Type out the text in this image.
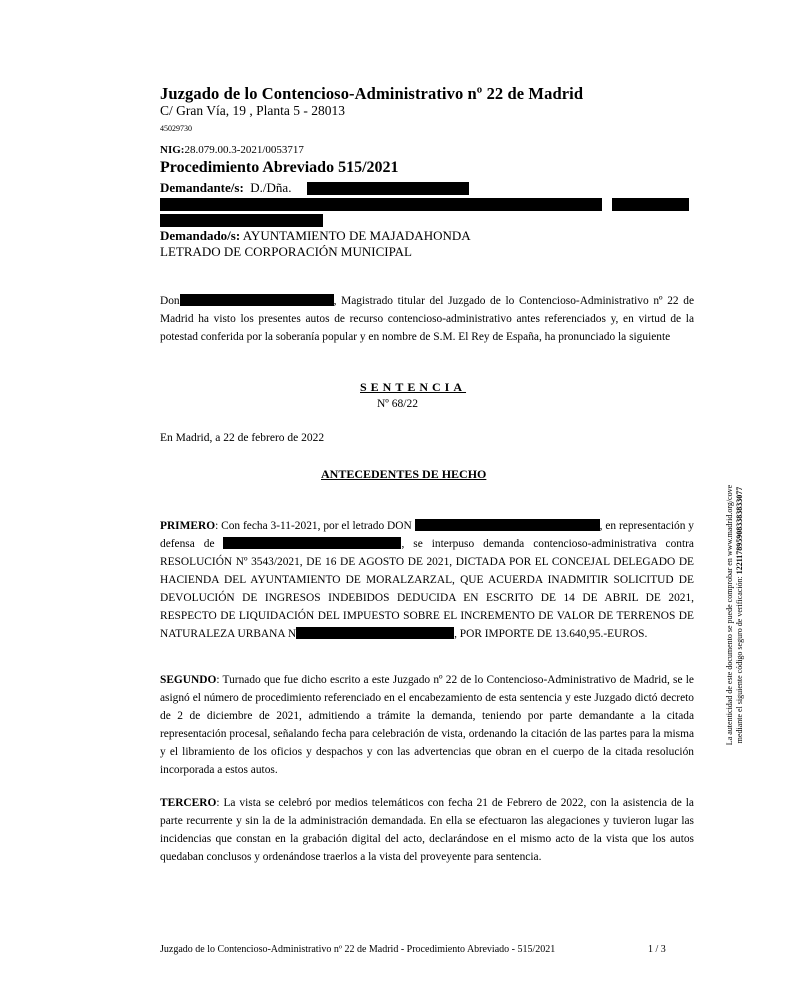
Juzgado de lo Contencioso-Administrativo nº 22 de Madrid
C/ Gran Vía, 19 , Planta 5 - 28013
45029730
NIG:28.079.00.3-2021/0053717
Procedimiento Abreviado 515/2021
Demandante/s: D./Dña.
Demandado/s: AYUNTAMIENTO DE MAJADAHONDA
LETRADO DE CORPORACIÓN MUNICIPAL
Don	, Magistrado titular del Juzgado de lo Contencioso-Administrativo nº 22 de Madrid ha visto los presentes autos de recurso contencioso-administrativo antes referenciados y, en virtud de la potestad conferida por la soberanía popular y en nombre de S.M. El Rey de España, ha pronunciado la siguiente
SENTENCIA
Nº 68/22
En Madrid, a 22 de febrero de 2022
ANTECEDENTES DE HECHO
PRIMERO: Con fecha 3-11-2021, por el letrado DON	, en representación y defensa de	, se interpuso demanda contencioso-administrativa contra RESOLUCIÓN Nº 3543/2021, DE 16 DE AGOSTO DE 2021, DICTADA POR EL CONCEJAL DELEGADO DE HACIENDA DEL AYUNTAMIENTO DE MORALZARZAL, QUE ACUERDA INADMITIR SOLICITUD DE DEVOLUCIÓN DE INGRESOS INDEBIDOS DEDUCIDA EN ESCRITO DE 14 DE ABRIL DE 2021, RESPECTO DE LIQUIDACIÓN DEL IMPUESTO SOBRE EL INCREMENTO DE VALOR DE TERRENOS DE NATURALEZA URBANA N	, POR IMPORTE DE 13.640,95.-EUROS.
SEGUNDO: Turnado que fue dicho escrito a este Juzgado nº 22 de lo Contencioso-Administrativo de Madrid, se le asignó el número de procedimiento referenciado en el encabezamiento de esta sentencia y este Juzgado dictó decreto de 2 de diciembre de 2021, admitiendo a trámite la demanda, teniendo por parte demandante a la citada representación procesal, señalando fecha para celebración de vista, ordenando la citación de las partes para la misma y el libramiento de los oficios y despachos y con las advertencias que obran en el cuerpo de la citada resolución incorporada a estos autos.
TERCERO: La vista se celebró por medios telemáticos con fecha 21 de Febrero de 2022, con la asistencia de la parte recurrente y sin la de la administración demandada. En ella se efectuaron las alegaciones y tuvieron lugar las incidencias que constan en la grabación digital del acto, declarándose en el mismo acto de la vista que los autos quedaban conclusos y ordenándose traerlos a la vista del proveyente para sentencia.
La autenticidad de este documento se puede comprobar en www.madrid.org/cove mediante el siguiente código seguro de verificación: 1221178959083383833077
Juzgado de lo Contencioso-Administrativo nº 22 de Madrid - Procedimiento Abreviado - 515/2021	1 / 3
